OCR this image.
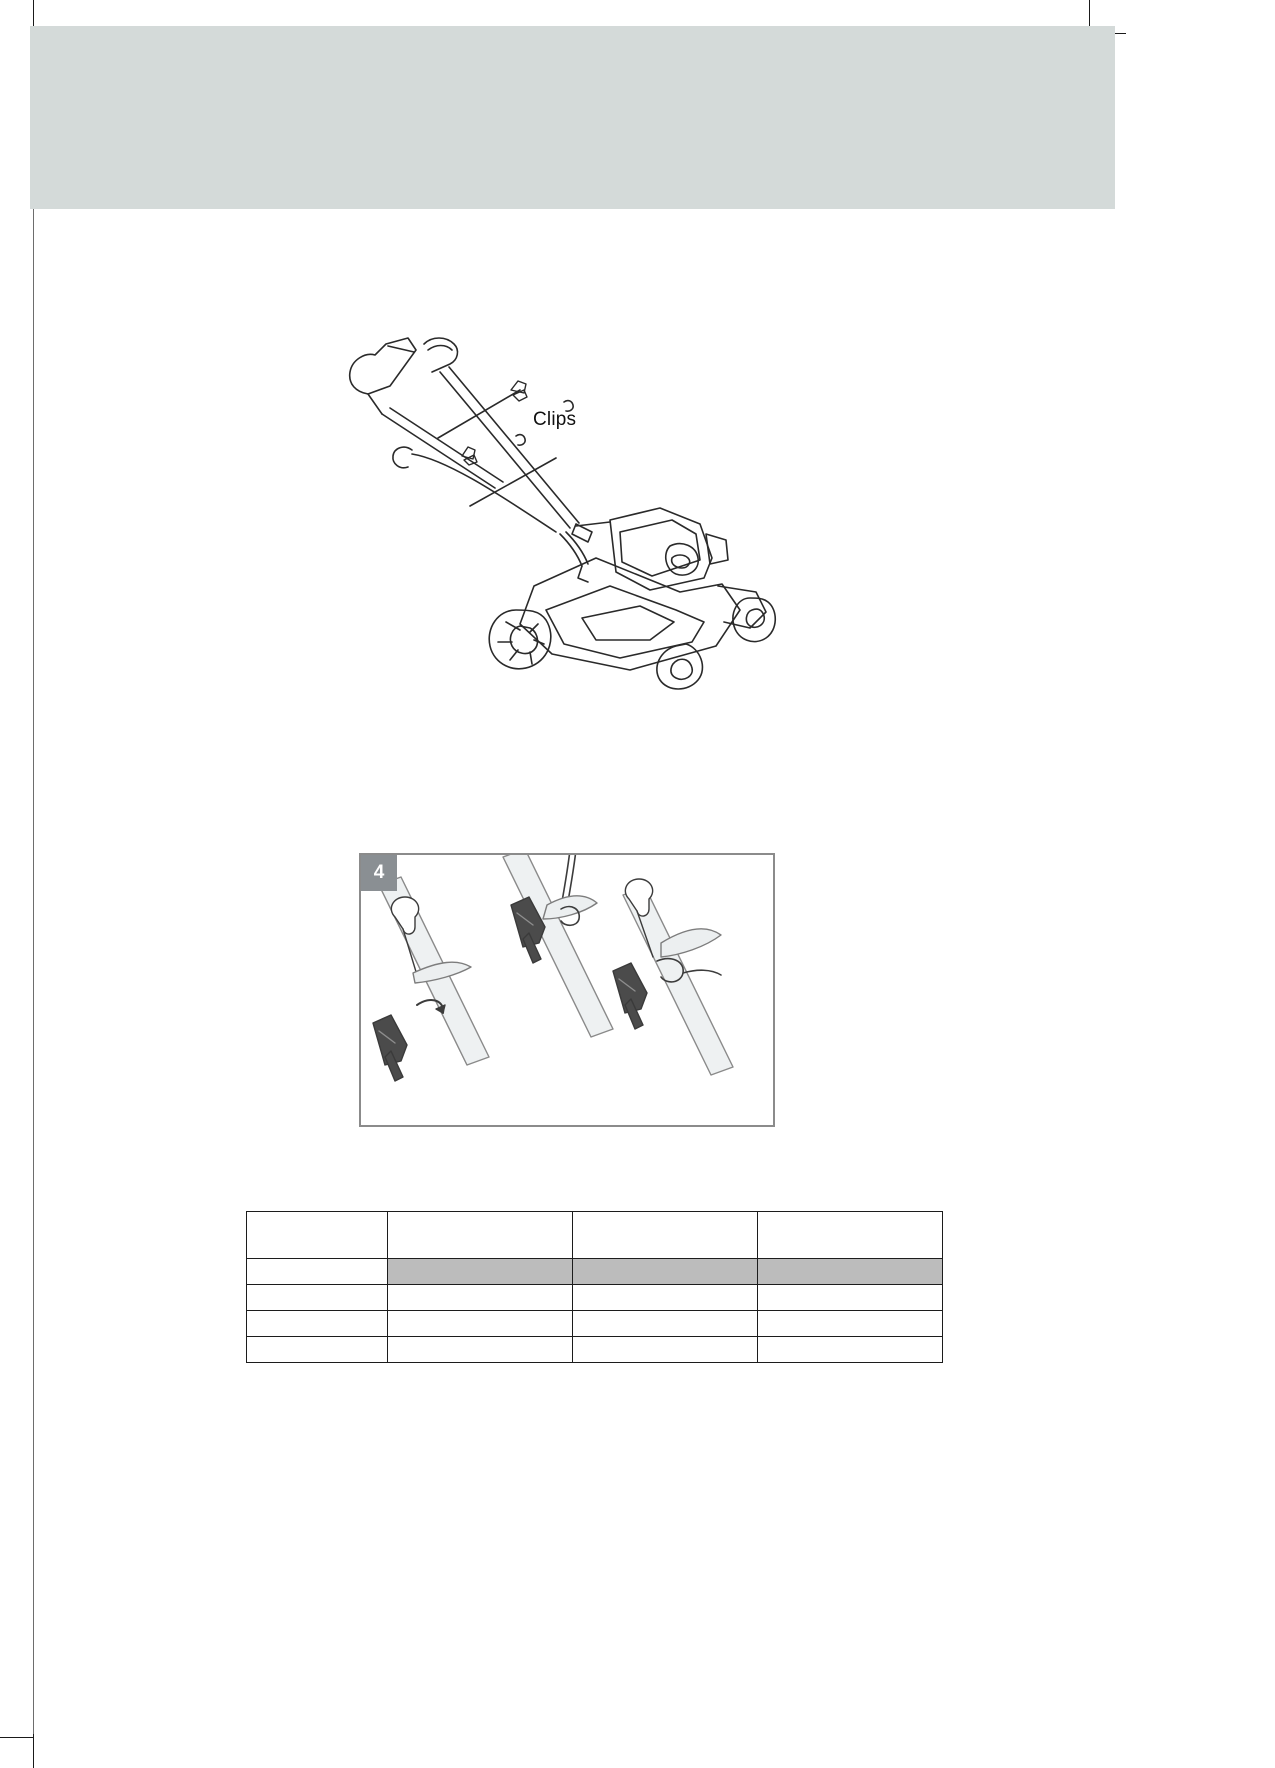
Clips
4
